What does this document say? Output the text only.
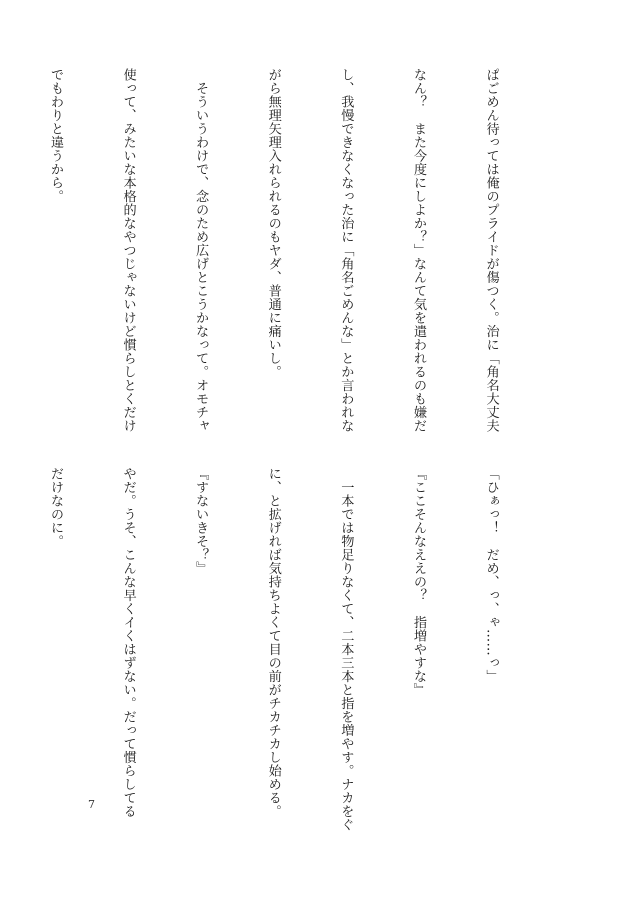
ぱごめん待っては俺のプライドが傷つく。治に「角名大丈夫

なん？　また今度にしよか？」なんて気を遣われるのも嫌だ

し、我慢できなくなった治に「角名ごめんな」とか言われな

がら無理矢理入れられるのもヤダ、普通に痛いし。

　そういうわけで、念のため広げとこうかなって。オモチャ

使って、みたいな本格的なやつじゃないけど慣らしとくだけ

でもわりと違うから。

「ひぁっ！　だめ、っ、ゃ……っ」

『ここそんなええの？　指増やすな』

　一本では物足りなくて、二本三本と指を増やす。ナカをぐ

に、と拡げれば気持ちよくて目の前がチカチカし始める。

『すないきそ？』

やだ。うそ、こんな早くイくはずない。だって慣らしてる

だけなのに。

7
